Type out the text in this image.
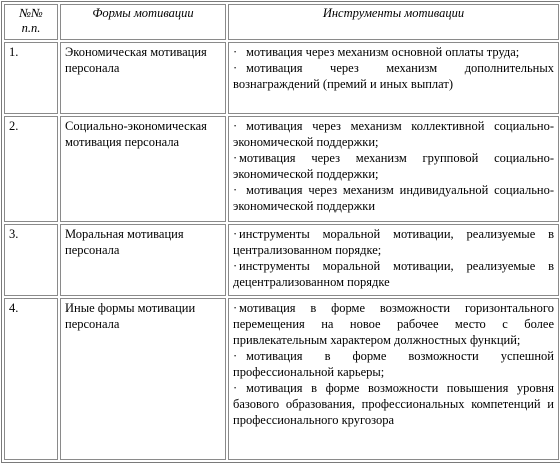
№№ п.п.	Формы мотивации	Инструменты мотивации
1.	Экономическая мотивация персонала	· мотивация через механизм основной оплаты труда;
· мотивация через механизм дополнительных вознаграждений (премий и иных выплат)

2.	Социально-экономическая мотивация персонала	· мотивация через механизм коллективной социально-экономической поддержки;
· мотивация через механизм групповой социально-экономической поддержки;
· мотивация через механизм индивидуальной социально-экономической поддержки

3.	Моральная мотивация персонала	· инструменты моральной мотивации, реализуемые в централизованном порядке;
· инструменты моральной мотивации, реализуемые в децентрализованном порядке

4.	Иные формы мотивации персонала	· мотивация в форме возможности горизонтального перемещения на новое рабочее место с более привлекательным характером должностных функций;
· мотивация в форме возможности успешной профессиональной карьеры;
· мотивация в форме возможности повышения уровня базового образования, профессиональных компетенций и профессионального кругозора
